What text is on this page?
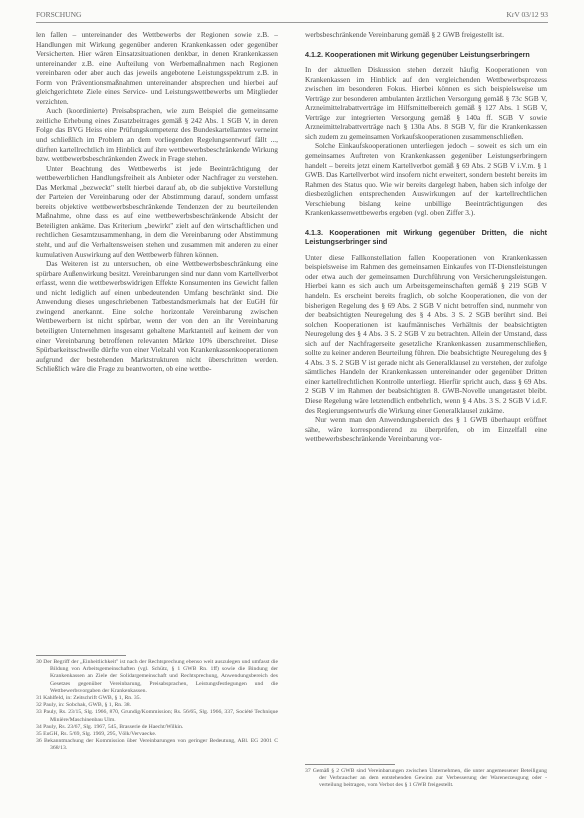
FORSCHUNG	KrV 03/12 93

len fallen – untereinander des Wettbewerbs der Regionen sowie z.B. – Handlungen mit Wirkung gegenüber anderen Krankenkassen oder gegenüber Versicherten. Hier wären Einsatzsituationen denkbar, in denen Krankenkassen untereinander z.B. eine Aufteilung von Werbemaßnahmen nach Regionen vereinbaren oder aber auch das jeweils angebotene Leistungsspektrum z.B. in Form von Präventionsmaßnahmen untereinander absprechen und hierbei auf gleichgerichtete Ziele eines Service- und Leistungswettbewerbs um Mitglieder verzichten.

Auch (koordinierte) Preisabsprachen, wie zum Beispiel die gemeinsame zeitliche Erhebung eines Zusatzbeitrages gemäß § 242 Abs. 1 SGB V, in deren Folge das BVG Heiss eine Prüfungskompetenz des Bundeskartellamtes verneint und schließlich im Problem an dem vorliegenden Regelungsentwurf fällt ..., dürften kartellrechtlich im Hinblick auf ihre wettbewerbsbeschränkende Wirkung bzw. wettbewerbsbeschränkenden Zweck in Frage stehen.

Unter Beachtung des Wettbewerbs ist jede Beeinträchtigung der wettbewerblichen Handlungsfreiheit als Anbieter oder Nachfrager zu verstehen. Das Merkmal „bezweckt" stellt hierbei darauf ab, ob die subjektive Vorstellung der Parteien der Vereinbarung oder der Abstimmung darauf, sondern umfasst bereits objektive wettbewerbsbeschränkende Tendenzen der zu beurteilenden Maßnahme, ohne dass es auf eine wettbewerbsbeschränkende Absicht der Beteiligten ankäme. Das Kriterium „bewirkt" zielt auf den wirtschaftlichen und rechtlichen Gesamtzusammenhang, in dem die Vereinbarung oder Abstimmung steht, und auf die Verhaltensweisen stehen und zusammen mit anderen zu einer kumulativen Auswirkung auf den Wettbewerb führen können.

Das Weiteren ist zu untersuchen, ob eine Wettbewerbsbeschränkung eine spürbare Außenwirkung besitzt. Vereinbarungen sind nur dann vom Kartellverbot erfasst, wenn die wettbewerbswidrigen Effekte Konsumenten ins Gewicht fallen und nicht lediglich auf einen unbedeutenden Umfang beschränkt sind. Die Anwendung dieses ungeschriebenen Tatbestandsmerkmals hat der EuGH für zwingend anerkannt. Eine solche horizontale Vereinbarung zwischen Wettbewerbern ist nicht spürbar, wenn der von den an ihr Vereinbarung beteiligten Unternehmen insgesamt gehaltene Marktanteil auf keinem der von einer Vereinbarung betroffenen relevanten Märkte 10% überschreitet. Diese Spürbarkeitsschwelle dürfte von einer Vielzahl von Krankenkassenkooperationen aufgrund der bestehenden Marktstrukturen nicht überschritten werden. Schließlich wäre die Frage zu beantworten, ob eine wettbe-

werbsbeschränkende Vereinbarung gemäß § 2 GWB freigestellt ist.

4.1.2. Kooperationen mit Wirkung gegenüber Leistungserbringern

In der aktuellen Diskussion stehen derzeit häufig Kooperationen von Krankenkassen im Hinblick auf den vergleichenden Wettbewerbsprozess zwischen im besonderen Fokus. Hierbei können es sich beispielsweise um Verträge zur besonderen ambulanten ärztlichen Versorgung gemäß § 73c SGB V, Arzneimittelrabattverträge im Hilfsmittelbereich gemäß § 127 Abs. 1 SGB V, Verträge zur integrierten Versorgung gemäß § 140a ff. SGB V sowie Arzneimittelrabattverträge nach § 130a Abs. 8 SGB V, für die Krankenkassen sich zudem zu gemeinsamen Vorkaufskooperationen zusammenschließen.

Solche Einkaufskooperationen unterliegen jedoch – soweit es sich um ein gemeinsames Auftreten von Krankenkassen gegenüber Leistungserbringern handelt – bereits jetzt einem Kartellverbot gemäß § 69 Abs. 2 SGB V i.V.m. § 1 GWB. Das Kartellverbot wird insofern nicht erweitert, sondern besteht bereits im Rahmen des Status quo. Wie wir bereits dargelegt haben, haben sich infolge der diesbezüglichen entsprechenden Auswirkungen auf der kartellrechtlichen Verschiebung bislang keine unbillige Beeinträchtigungen des Krankenkassenwettbewerbs ergeben (vgl. oben Ziffer 3.).

4.1.3. Kooperationen mit Wirkung gegenüber Dritten, die nicht Leistungserbringer sind

Unter diese Fallkonstellation fallen Kooperationen von Krankenkassen beispielsweise im Rahmen des gemeinsamen Einkaufes von IT-Dienstleistungen oder etwa auch der gemeinsamen Durchführung von Versicherungsleistungen. Hierbei kann es sich auch um Arbeitsgemeinschaften gemäß § 219 SGB V handeln. Es erscheint bereits fraglich, ob solche Kooperationen, die von der bisherigen Regelung des § 69 Abs. 2 SGB V nicht betroffen sind, nunmehr von der beabsichtigten Neuregelung des § 4 Abs. 3 S. 2 SGB berührt sind. Bei solchen Kooperationen ist kaufmännisches Verhältnis der beabsichtigten Neuregelung des § 4 Abs. 3 S. 2 SGB V zu betrachten. Allein der Umstand, dass sich auf der Nachfragerseite gesetzliche Krankenkassen zusammenschließen, sollte zu keiner anderen Beurteilung führen. Die beabsichtigte Neuregelung des § 4 Abs. 3 S. 2 SGB V ist gerade nicht als Generalklausel zu verstehen, der zufolge sämtliches Handeln der Krankenkassen untereinander oder gegenüber Dritten einer kartellrechtlichen Kontrolle unterliegt. Hierfür spricht auch, dass § 69 Abs. 2 SGB V im Rahmen der beabsichtigten 8. GWB-Novelle unangetastet bleibt. Diese Regelung wäre letztendlich entbehrlich, wenn § 4 Abs. 3 S. 2 SGB V i.d.F. des Regierungsentwurfs die Wirkung einer Generalklausel zukäme.

Nur wenn man den Anwendungsbereich des § 1 GWB überhaupt eröffnet sähe, wäre korrespondierend zu überprüfen, ob im Einzelfall eine wettbewerbsbeschränkende Vereinbarung vor-

30 Der Begriff der „Einheitlichkeit" ist nach der Rechtsprechung ebenso weit auszulegen und umfasst die Bildung von Arbeitsgemeinschaften (vgl. Schütz, § 1 GWB Rn. 1ff) sowie die Bindung der Krankenkassen an Ziele der Solidargemeinschaft und Rechtsprechung, Anwendungsbereich des Gesetzes gegenüber Vereinbarung, Preisabsprachen, Leistungsfestlegungen und die Wettbewerbsvorgaben der Krankenkassen.
31 Kahlfeld, in: Zeitschrift GWB, § 1, Rn. 35.
32 Pauly, in: Sobchak, GWB, § 1, Rn. 38.
33 Pauly, Rs. 23/15, Slg. 1966, 870, Grundig/Kommission; Rs. 56/65, Slg. 1966, 337, Société Technique Minière/Maschinenbau Ulm.
34 Pauly, Rs. 23/67, Slg. 1967, 545, Brasserie de Haecht/Wilkin.
35 EuGH, Rs. 5/69, Slg. 1969, 295, Völk/Vervaecke.
36 Bekanntmachung der Kommission über Vereinbarungen von geringer Bedeutung, ABl. EG 2001 C 368/13.
37 Gemäß § 2 GWB sind Vereinbarungen zwischen Unternehmen, die unter angemessener Beteiligung der Verbraucher an dem entstehenden Gewinn zur Verbesserung der Warenerzeugung oder -verteilung beitragen, vom Verbot des § 1 GWB freigestellt.
